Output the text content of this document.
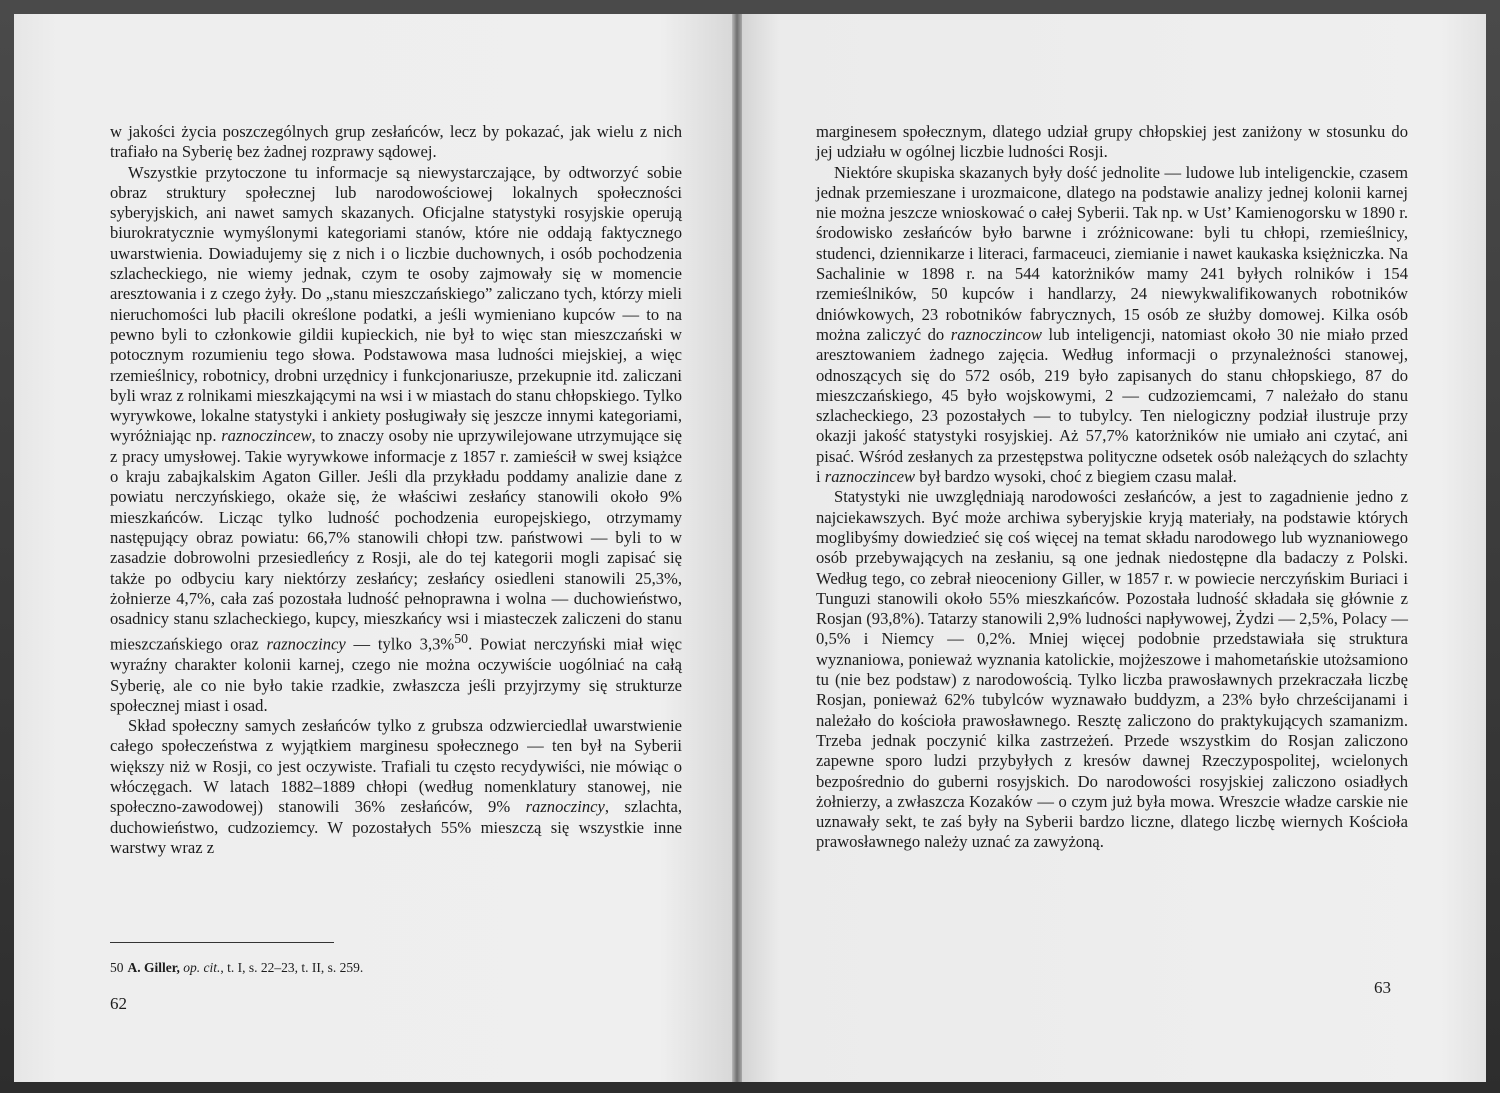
w jakości życia poszczególnych grup zesłańców, lecz by pokazać, jak wielu z nich trafiało na Syberię bez żadnej rozprawy sądowej.

Wszystkie przytoczone tu informacje są niewystarczające, by odtworzyć sobie obraz struktury społecznej lub narodowościowej lokalnych społeczności syberyjskich, ani nawet samych skazanych. Oficjalne statystyki rosyjskie operują biurokratycznie wymyślonymi kategoriami stanów, które nie oddają faktycznego uwarstwienia. Dowiadujemy się z nich i o liczbie duchownych, i osób pochodzenia szlacheckiego, nie wiemy jednak, czym te osoby zajmowały się w momencie aresztowania i z czego żyły. Do „stanu mieszczańskiego” zaliczano tych, którzy mieli nieruchomości lub płacili określone podatki, a jeśli wymieniano kupców — to na pewno byli to członkowie gildii kupieckich, nie był to więc stan mieszczański w potocznym rozumieniu tego słowa. Podstawowa masa ludności miejskiej, a więc rzemieślnicy, robotnicy, drobni urzędnicy i funkcjonariusze, przekupnie itd. zaliczani byli wraz z rolnikami mieszkającymi na wsi i w miastach do stanu chłopskiego. Tylko wyrywkowe, lokalne statystyki i ankiety posługiwały się jeszcze innymi kategoriami, wyróżniając np. raznoczincew, to znaczy osoby nie uprzywilejowane utrzymujące się z pracy umysłowej. Takie wyrywkowe informacje z 1857 r. zamieścił w swej książce o kraju zabajkalskim Agaton Giller. Jeśli dla przykładu poddamy analizie dane z powiatu nerczyńskiego, okaże się, że właściwi zesłańcy stanowili około 9% mieszkańców. Licząc tylko ludność pochodzenia europejskiego, otrzymamy następujący obraz powiatu: 66,7% stanowili chłopi tzw. państwowi — byli to w zasadzie dobrowolni przesiedleńcy z Rosji, ale do tej kategorii mogli zapisać się także po odbyciu kary niektórzy zesłańcy; zesłańcy osiedleni stanowili 25,3%, żołnierze 4,7%, cała zaś pozostała ludność pełnoprawna i wolna — duchowieństwo, osadnicy stanu szlacheckiego, kupcy, mieszkańcy wsi i miasteczek zaliczeni do stanu mieszczańskiego oraz raznoczincy — tylko 3,3%$^{50}$. Powiat nerczyński miał więc wyraźny charakter kolonii karnej, czego nie można oczywiście uogólniać na całą Syberię, ale co nie było takie rzadkie, zwłaszcza jeśli przyjrzymy się strukturze społecznej miast i osad.

Skład społeczny samych zesłańców tylko z grubsza odzwierciedlał uwarstwienie całego społeczeństwa z wyjątkiem marginesu społecznego — ten był na Syberii większy niż w Rosji, co jest oczywiste. Trafiali tu często recydywiści, nie mówiąc o włóczęgach. W latach 1882–1889 chłopi (według nomenklatury stanowej, nie społeczno-zawodowej) stanowili 36% zesłańców, 9% raznoczincy, szlachta, duchowieństwo, cudzoziemcy. W pozostałych 55% mieszczą się wszystkie inne warstwy wraz z

50 A. Giller, op. cit., t. I, s. 22–23, t. II, s. 259.
62

marginesem społecznym, dlatego udział grupy chłopskiej jest zaniżony w stosunku do jej udziału w ogólnej liczbie ludności Rosji.

Niektóre skupiska skazanych były dość jednolite — ludowe lub inteligenckie, czasem jednak przemieszane i urozmaicone, dlatego na podstawie analizy jednej kolonii karnej nie można jeszcze wnioskować o całej Syberii. Tak np. w Ust’ Kamienogorsku w 1890 r. środowisko zesłańców było barwne i zróżnicowane: byli tu chłopi, rzemieślnicy, studenci, dziennikarze i literaci, farmaceuci, ziemianie i nawet kaukaska księżniczka. Na Sachalinie w 1898 r. na 544 katorżników mamy 241 byłych rolników i 154 rzemieślników, 50 kupców i handlarzy, 24 niewykwalifikowanych robotników dniówkowych, 23 robotników fabrycznych, 15 osób ze służby domowej. Kilka osób można zaliczyć do raznoczincow lub inteligencji, natomiast około 30 nie miało przed aresztowaniem żadnego zajęcia. Według informacji o przynależności stanowej, odnoszących się do 572 osób, 219 było zapisanych do stanu chłopskiego, 87 do mieszczańskiego, 45 było wojskowymi, 2 — cudzoziemcami, 7 należało do stanu szlacheckiego, 23 pozostałych — to tubylcy. Ten nielogiczny podział ilustruje przy okazji jakość statystyki rosyjskiej. Aż 57,7% katorżników nie umiało ani czytać, ani pisać. Wśród zesłanych za przestępstwa polityczne odsetek osób należących do szlachty i raznoczincew był bardzo wysoki, choć z biegiem czasu malał.

Statystyki nie uwzględniają narodowości zesłańców, a jest to zagadnienie jedno z najciekawszych. Być może archiwa syberyjskie kryją materiały, na podstawie których moglibyśmy dowiedzieć się coś więcej na temat składu narodowego lub wyznaniowego osób przebywających na zesłaniu, są one jednak niedostępne dla badaczy z Polski. Według tego, co zebrał nieoceniony Giller, w 1857 r. w powiecie nerczyńskim Buriaci i Tunguzi stanowili około 55% mieszkańców. Pozostała ludność składała się głównie z Rosjan (93,8%). Tatarzy stanowili 2,9% ludności napływowej, Żydzi — 2,5%, Polacy — 0,5% i Niemcy — 0,2%. Mniej więcej podobnie przedstawiała się struktura wyznaniowa, ponieważ wyznania katolickie, mojżeszowe i mahometańskie utożsamiono tu (nie bez podstaw) z narodowością. Tylko liczba prawosławnych przekraczała liczbę Rosjan, ponieważ 62% tubylców wyznawało buddyzm, a 23% było chrześcijanami i należało do kościoła prawosławnego. Resztę zaliczono do praktykujących szamanizm. Trzeba jednak poczynić kilka zastrzeżeń. Przede wszystkim do Rosjan zaliczono zapewne sporo ludzi przybyłych z kresów dawnej Rzeczypospolitej, wcielonych bezpośrednio do guberni rosyjskich. Do narodowości rosyjskiej zaliczono osiadłych żołnierzy, a zwłaszcza Kozaków — o czym już była mowa. Wreszcie władze carskie nie uznawały sekt, te zaś były na Syberii bardzo liczne, dlatego liczbę wiernych Kościoła prawosławnego należy uznać za zawyżoną.

63
